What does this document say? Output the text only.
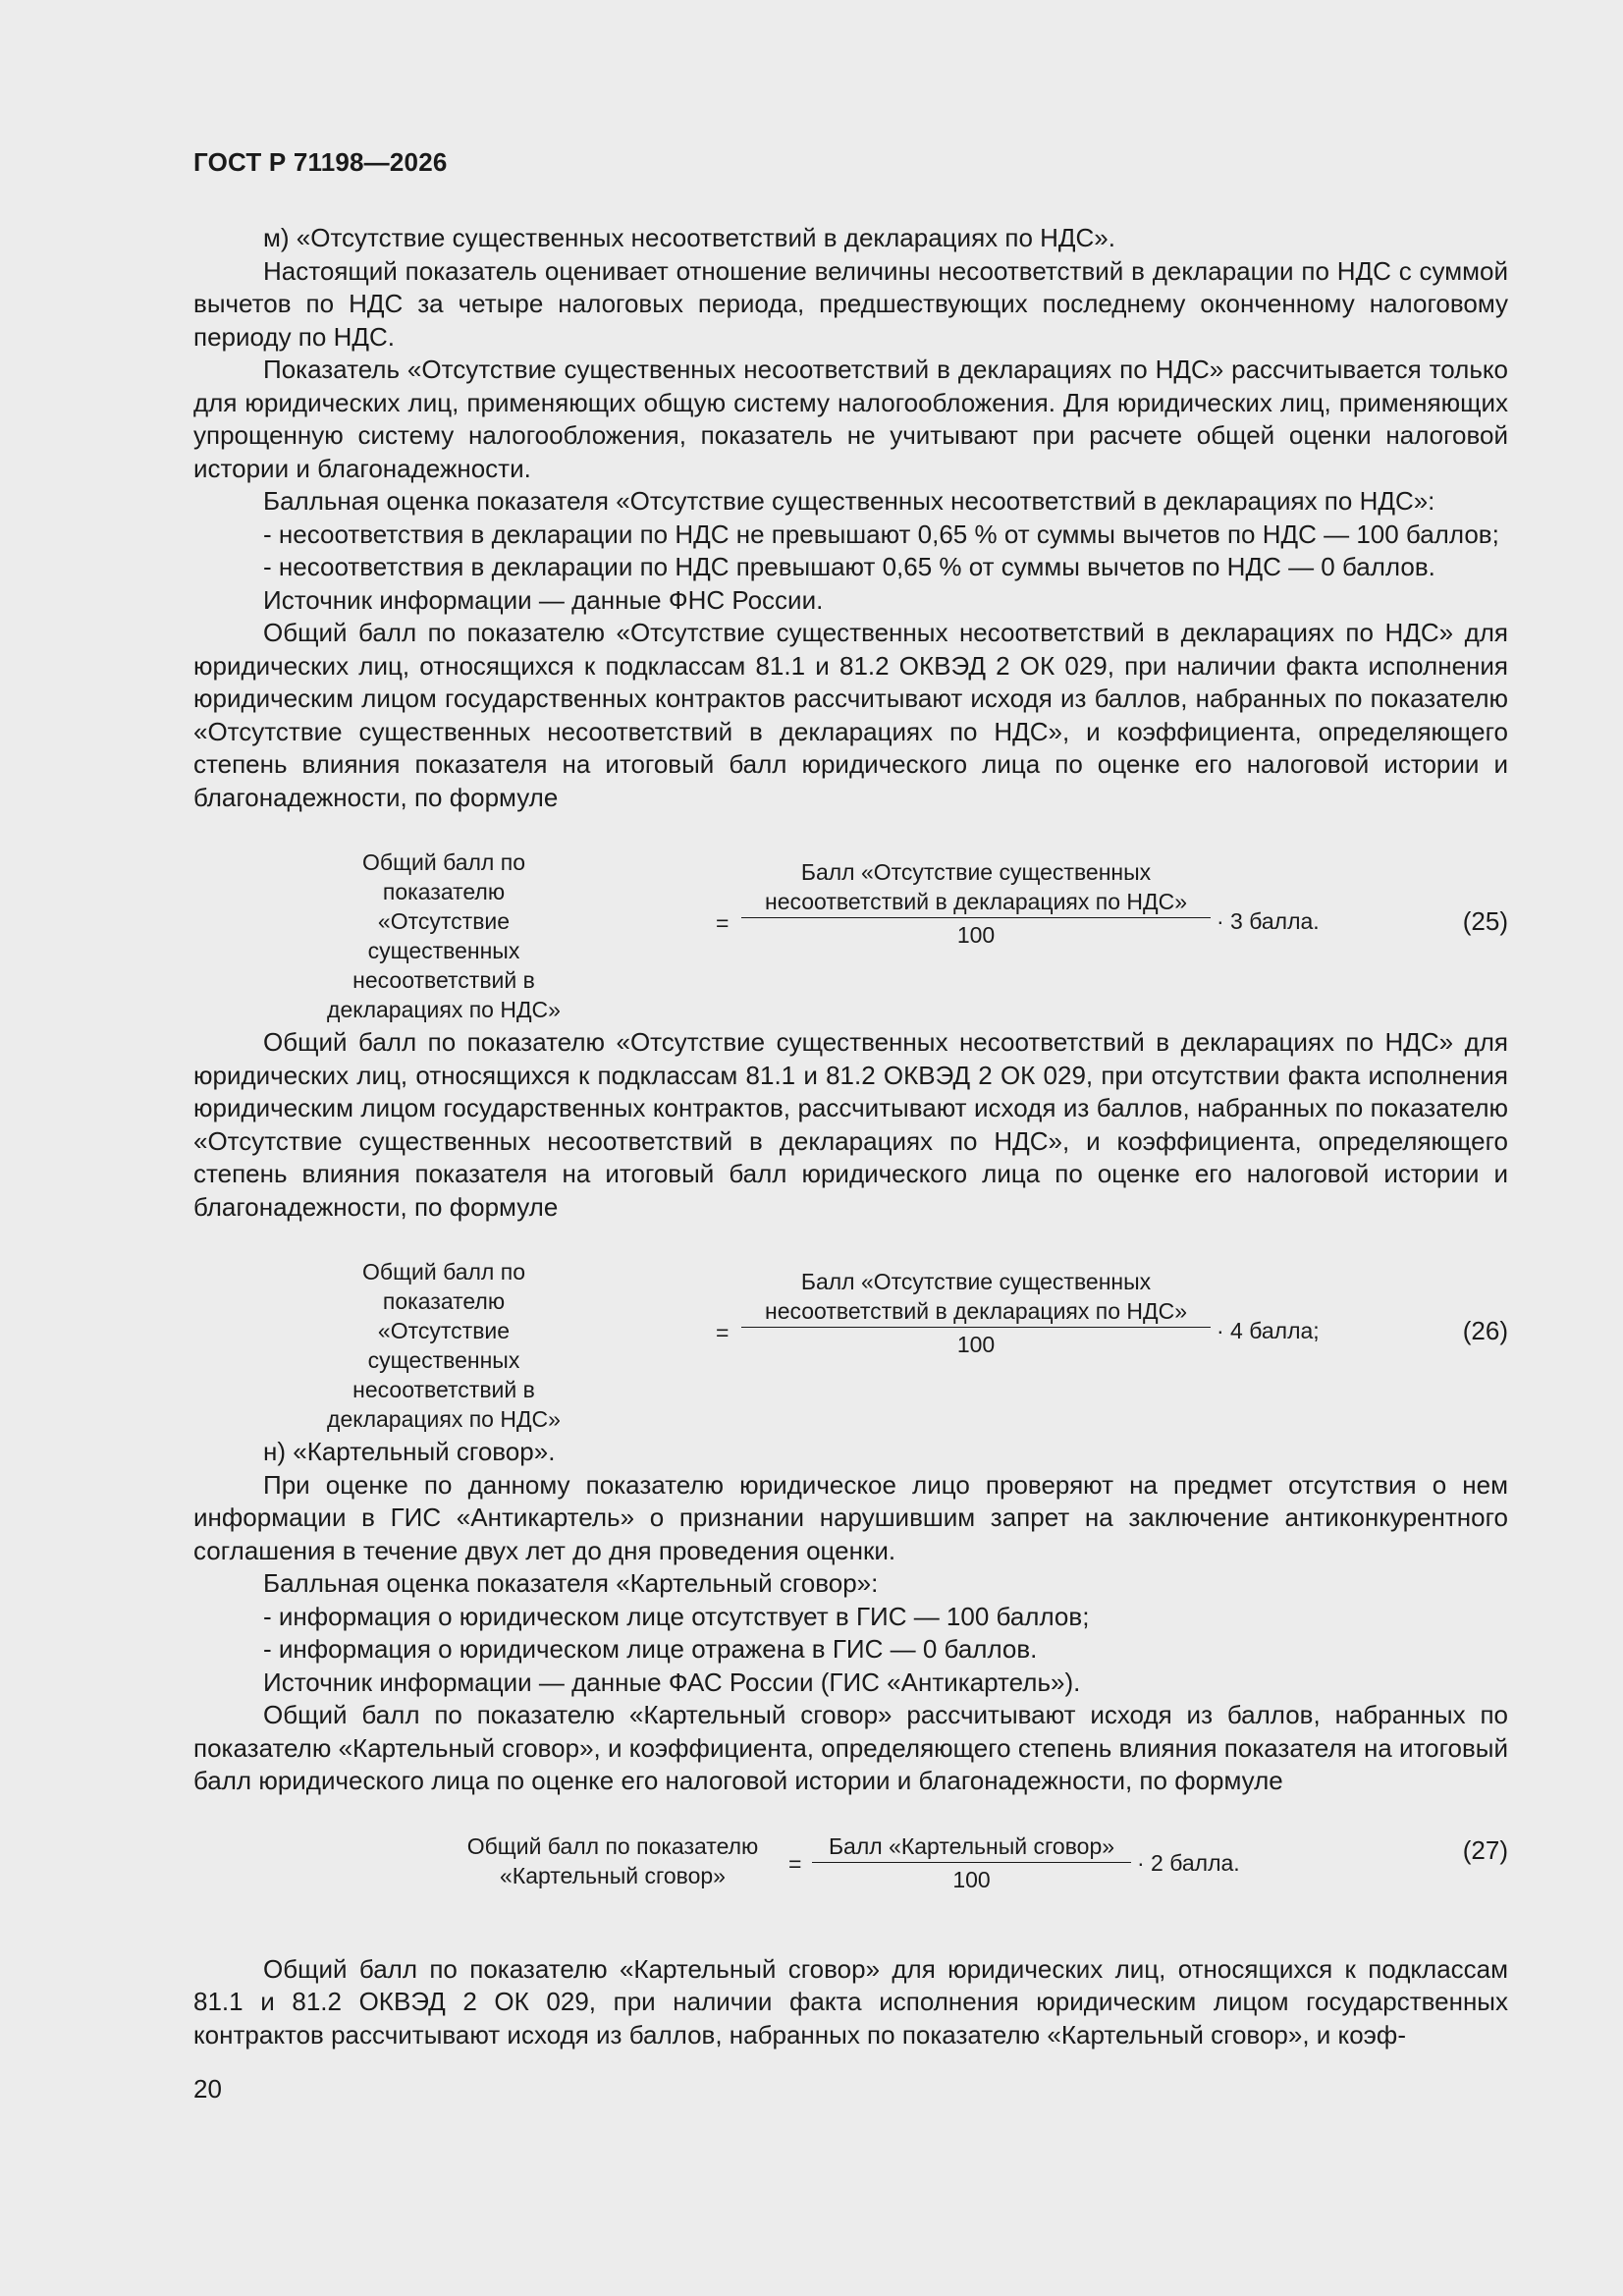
ГОСТ Р 71198—2026

м) «Отсутствие существенных несоответствий в декларациях по НДС».

Настоящий показатель оценивает отношение величины несоответствий в декларации по НДС с суммой вычетов по НДС за четыре налоговых периода, предшествующих последнему оконченному налоговому периоду по НДС.

Показатель «Отсутствие существенных несоответствий в декларациях по НДС» рассчитывается только для юридических лиц, применяющих общую систему налогообложения. Для юридических лиц, применяющих упрощенную систему налогообложения, показатель не учитывают при расчете общей оценки налоговой истории и благонадежности.

Балльная оценка показателя «Отсутствие существенных несоответствий в декларациях по НДС»:

- несоответствия в декларации по НДС не превышают 0,65 % от суммы вычетов по НДС — 100 баллов;

- несоответствия в декларации по НДС превышают 0,65 % от суммы вычетов по НДС — 0 баллов.

Источник информации — данные ФНС России.

Общий балл по показателю «Отсутствие существенных несоответствий в декларациях по НДС» для юридических лиц, относящихся к подклассам 81.1 и 81.2 ОКВЭД 2 ОК 029, при наличии факта исполнения юридическим лицом государственных контрактов рассчитывают исходя из баллов, набранных по показателю «Отсутствие существенных несоответствий в декларациях по НДС», и коэффициента, определяющего степень влияния показателя на итоговый балл юридического лица по оценке его налоговой истории и благонадежности, по формуле

Общий балл по показателю
«Отсутствие существенных
несоответствий в
декларациях по НДС»
=
Балл «Отсутствие существенных
несоответствий в декларациях по НДС»
100
· 3 балла.	(25)

Общий балл по показателю «Отсутствие существенных несоответствий в декларациях по НДС» для юридических лиц, относящихся к подклассам 81.1 и 81.2 ОКВЭД 2 ОК 029, при отсутствии факта исполнения юридическим лицом государственных контрактов, рассчитывают исходя из баллов, набранных по показателю «Отсутствие существенных несоответствий в декларациях по НДС», и коэффициента, определяющего степень влияния показателя на итоговый балл юридического лица по оценке его налоговой истории и благонадежности, по формуле

Общий балл по показателю
«Отсутствие существенных
несоответствий в
декларациях по НДС»
=
Балл «Отсутствие существенных
несоответствий в декларациях по НДС»
100
· 4 балла;	(26)

н) «Картельный сговор».

При оценке по данному показателю юридическое лицо проверяют на предмет отсутствия о нем информации в ГИС «Антикартель» о признании нарушившим запрет на заключение антиконкурентного соглашения в течение двух лет до дня проведения оценки.

Балльная оценка показателя «Картельный сговор»:

- информация о юридическом лице отсутствует в ГИС — 100 баллов;

- информация о юридическом лице отражена в ГИС — 0 баллов.

Источник информации — данные ФАС России (ГИС «Антикартель»).

Общий балл по показателю «Картельный сговор» рассчитывают исходя из баллов, набранных по показателю «Картельный сговор», и коэффициента, определяющего степень влияния показателя на итоговый балл юридического лица по оценке его налоговой истории и благонадежности, по формуле

Общий балл по показателю
«Картельный сговор»	=
Балл «Картельный сговор»
100
· 2 балла.	(27)

Общий балл по показателю «Картельный сговор» для юридических лиц, относящихся к подклассам 81.1 и 81.2 ОКВЭД 2 ОК 029, при наличии факта исполнения юридическим лицом государственных контрактов рассчитывают исходя из баллов, набранных по показателю «Картельный сговор», и коэф-

20
